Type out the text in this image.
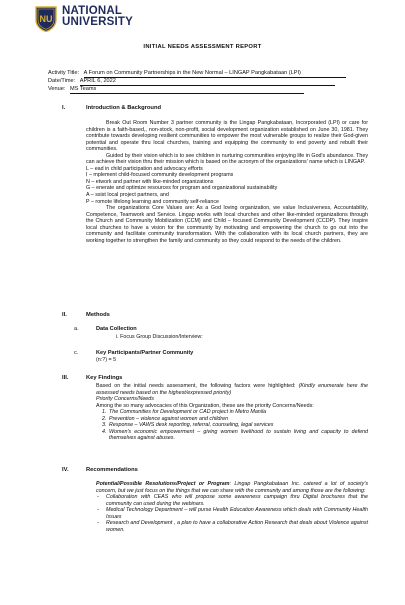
NU
NATIONAL
UNIVERSITY
INITIAL NEEDS ASSESSMENT REPORT
Activity Title: A Forum on Community Partnerships in the New Normal – LINGAP Pangkabataan (LPI)
Date/Time: APRIL 6, 2022
Venue: MS Teams
I.	Introduction & Background

Break Out Room Number 3 partner community is the Lingap Pangkabataan, Incorporated (LPI) or care for children is a faith-based,, non-stock, non-profit, social development organization established on June 30, 1981. They contribute towards developing resilient communities to empower the most vulnerable groups to realize their God-given potential and operate thru local churches, training and equipping the community to end poverty and rebuilt their communities.

Guided by their vision which is to see children in nurturing communities enjoying life in God's abundance. They can achieve their vision thru their mission which is based on the acronym of the organizations' name which is LINGAP.

L – ead in child participation and advocacy efforts
I – mplement child-focused community development programs
N – etwork and partner with like-minded organizations
G – enerate and optimize resources for program and organizational sustainability
A – ssist local project partners, and
P – romote lifelong learning and community self-reliance

The organizations Core Values are: As a God loving organization, we value Inclusiveness, Accountability, Competence, Teamwork and Service. Lingap works with local churches and other like-minded organizations through the Church and Community Mobilization (CCM) and Child – focused Community Development (CCDP). They inspire local churches to have a vision for the community by motivating and empowering the church to go out into the community and facilitate community transformation. With the collaboration with its local church partners, they are working together to strengthen the family and community so they could respond to the needs of the children.

II.	Methods
a.	Data Collection
i. Focus Group Discussion/Interview:
c.	Key Participants/Partner Community
(n:?) = 5
III.	Key Findings

Based on the initial needs assessment, the following factors were highlighted: (Kindly enumerate here the assessed needs based on the highest/expressed priority)

Priority Concerns/Needs

Among the so many advocacies of this Organization, these are the priority Concerns/Needs:

1. The Communities for Development or CAD project in Metro Manila
2. Prevention – violence against women and children
3. Response – VAWS desk reporting, referral, counseling, legal services
4. Women's economic empowerment – giving women livelihood to sustain living and capacity to defend themselves against abuses.
IV.	Recommendations

Potential/Possible Resolutions/Project or Program: Lingap Pangkabataan Inc. catered a lot of society's concern, but we just focus on the things that we can share with the community and among those are the following:

- Collaboration with CEAS who will propose some awareness campaign thru Digital brochures that the community can used during the webinars.
- Medical Technology Department – will purse Health Education Awareness which deals with Community Health Issues
- Research and Development , a plan to have a collaborative Action Research that deals about Violence against women.
